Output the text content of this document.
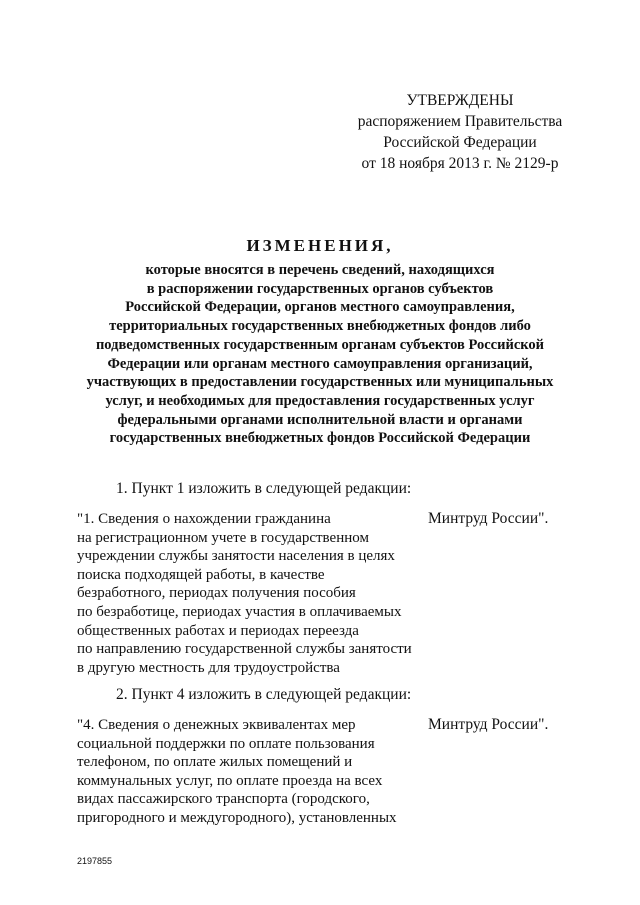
УТВЕРЖДЕНЫ
распоряжением Правительства
Российской Федерации
от 18 ноября 2013 г. № 2129-р
ИЗМЕНЕНИЯ,
которые вносятся в перечень сведений, находящихся
в распоряжении государственных органов субъектов
Российской Федерации, органов местного самоуправления,
территориальных государственных внебюджетных фондов либо
подведомственных государственным органам субъектов Российской
Федерации или органам местного самоуправления организаций,
участвующих в предоставлении государственных или муниципальных
услуг, и необходимых для предоставления государственных услуг
федеральными органами исполнительной власти и органами
государственных внебюджетных фондов Российской Федерации
1. Пункт 1 изложить в следующей редакции:
"1. Сведения о нахождении гражданина
на регистрационном учете в государственном
учреждении службы занятости населения в целях
поиска подходящей работы, в качестве
безработного, периодах получения пособия
по безработице, периодах участия в оплачиваемых
общественных работах и периодах переезда
по направлению государственной службы занятости
в другую местность для трудоустройства
Минтруд России".
2. Пункт 4 изложить в следующей редакции:
"4. Сведения о денежных эквивалентах мер
социальной поддержки по оплате пользования
телефоном, по оплате жилых помещений и
коммунальных услуг, по оплате проезда на всех
видах пассажирского транспорта (городского,
пригородного и междугородного), установленных
Минтруд России".
2197855
